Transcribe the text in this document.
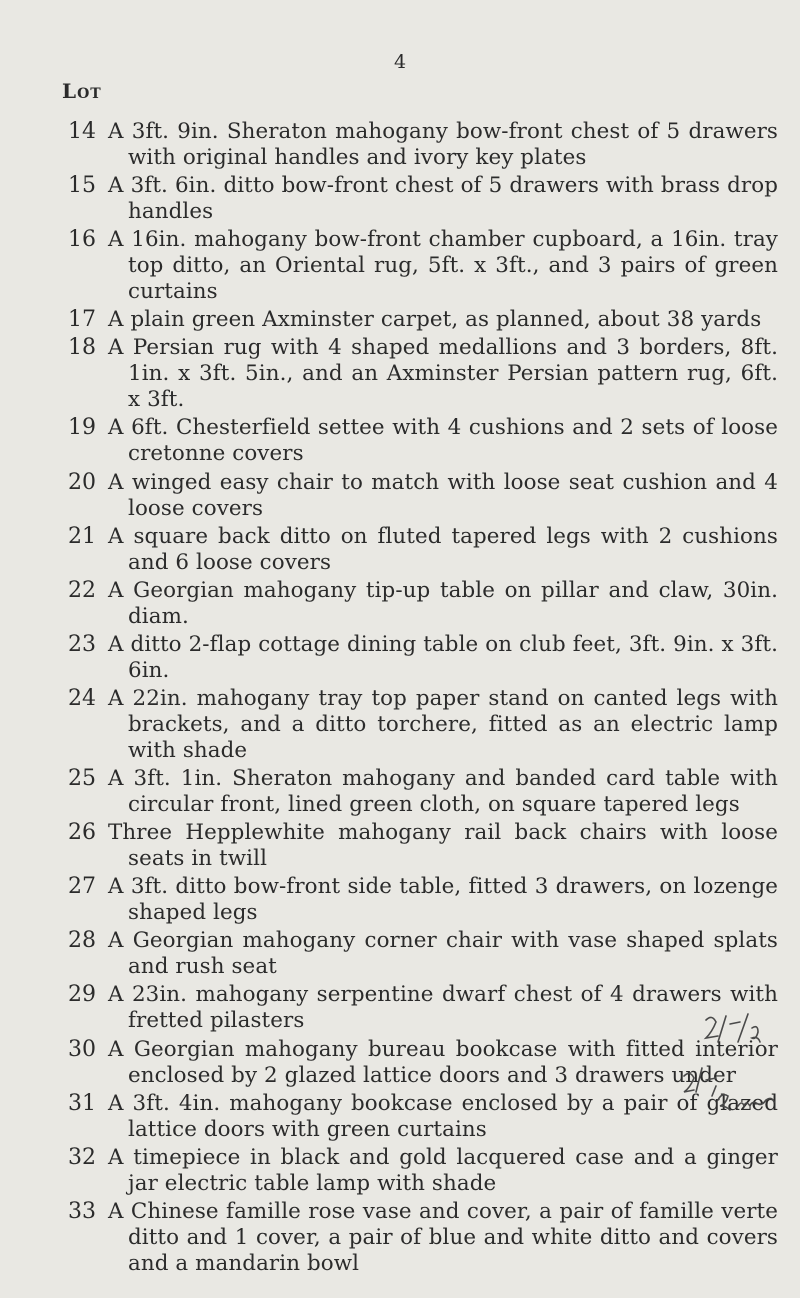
4
Lot
14 A 3ft. 9in. Sheraton mahogany bow-front chest of 5 drawers with original handles and ivory key plates
15 A 3ft. 6in. ditto bow-front chest of 5 drawers with brass drop handles
16 A 16in. mahogany bow-front chamber cupboard, a 16in. tray top ditto, an Oriental rug, 5ft. x 3ft., and 3 pairs of green curtains
17 A plain green Axminster carpet, as planned, about 38 yards
18 A Persian rug with 4 shaped medallions and 3 borders, 8ft. 1in. x 3ft. 5in., and an Axminster Persian pattern rug, 6ft. x 3ft.
19 A 6ft. Chesterfield settee with 4 cushions and 2 sets of loose cretonne covers
20 A winged easy chair to match with loose seat cushion and 4 loose covers
21 A square back ditto on fluted tapered legs with 2 cushions and 6 loose covers
22 A Georgian mahogany tip-up table on pillar and claw, 30in. diam.
23 A ditto 2-flap cottage dining table on club feet, 3ft. 9in. x 3ft. 6in.
24 A 22in. mahogany tray top paper stand on canted legs with brackets, and a ditto torchere, fitted as an electric lamp with shade
25 A 3ft. 1in. Sheraton mahogany and banded card table with circular front, lined green cloth, on square tapered legs
26 Three Hepplewhite mahogany rail back chairs with loose seats in twill
27 A 3ft. ditto bow-front side table, fitted 3 drawers, on lozenge shaped legs
28 A Georgian mahogany corner chair with vase shaped splats and rush seat
29 A 23in. mahogany serpentine dwarf chest of 4 drawers with fretted pilasters
30 A Georgian mahogany bureau bookcase with fitted interior enclosed by 2 glazed lattice doors and 3 drawers under
31 A 3ft. 4in. mahogany bookcase enclosed by a pair of glazed lattice doors with green curtains
32 A timepiece in black and gold lacquered case and a ginger jar electric table lamp with shade
33 A Chinese famille rose vase and cover, a pair of famille verte ditto and 1 cover, a pair of blue and white ditto and covers and a mandarin bowl
